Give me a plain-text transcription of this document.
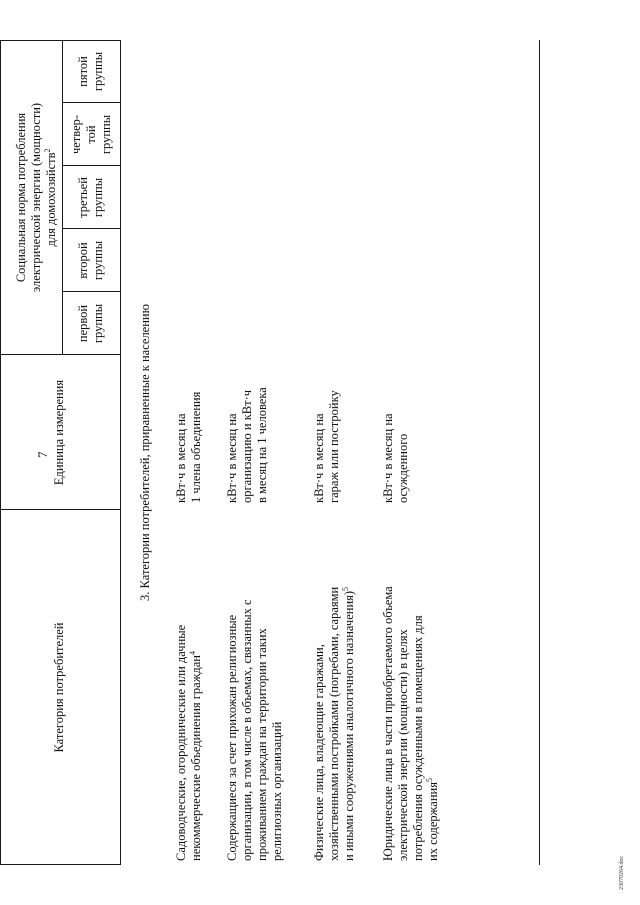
7
23070264.doc
Категория потребителей
Единица измерения
Социальная норма потребления электрической энергии (мощности) для домохозяйств$^2$
первой группы
второй группы
третьей группы
четвер- той группы
пятой группы
3. Категории потребителей, приравненные к населению
Садоводческие, огороднические или дачные некоммерческие объединения граждан$^4$
кВт·ч в месяц на 1 члена объединения
Содержащиеся за счет прихожан религиозные организации, в том числе в объемах, связанных с проживанием граждан на территории таких религиозных организаций
кВт·ч в месяц на организацию и кВт·ч в месяц на 1 человека
Физические лица, владеющие гаражами, хозяйственными постройками (погребами, сараями и иными сооружениями аналогичного назначения)$^5$
кВт·ч в месяц на гараж или постройку
Юридические лица в части приобретаемого объема электрической энергии (мощности) в целях потребления осужденными в помещениях для их содержания$^5$
кВт·ч в месяц на осужденного
